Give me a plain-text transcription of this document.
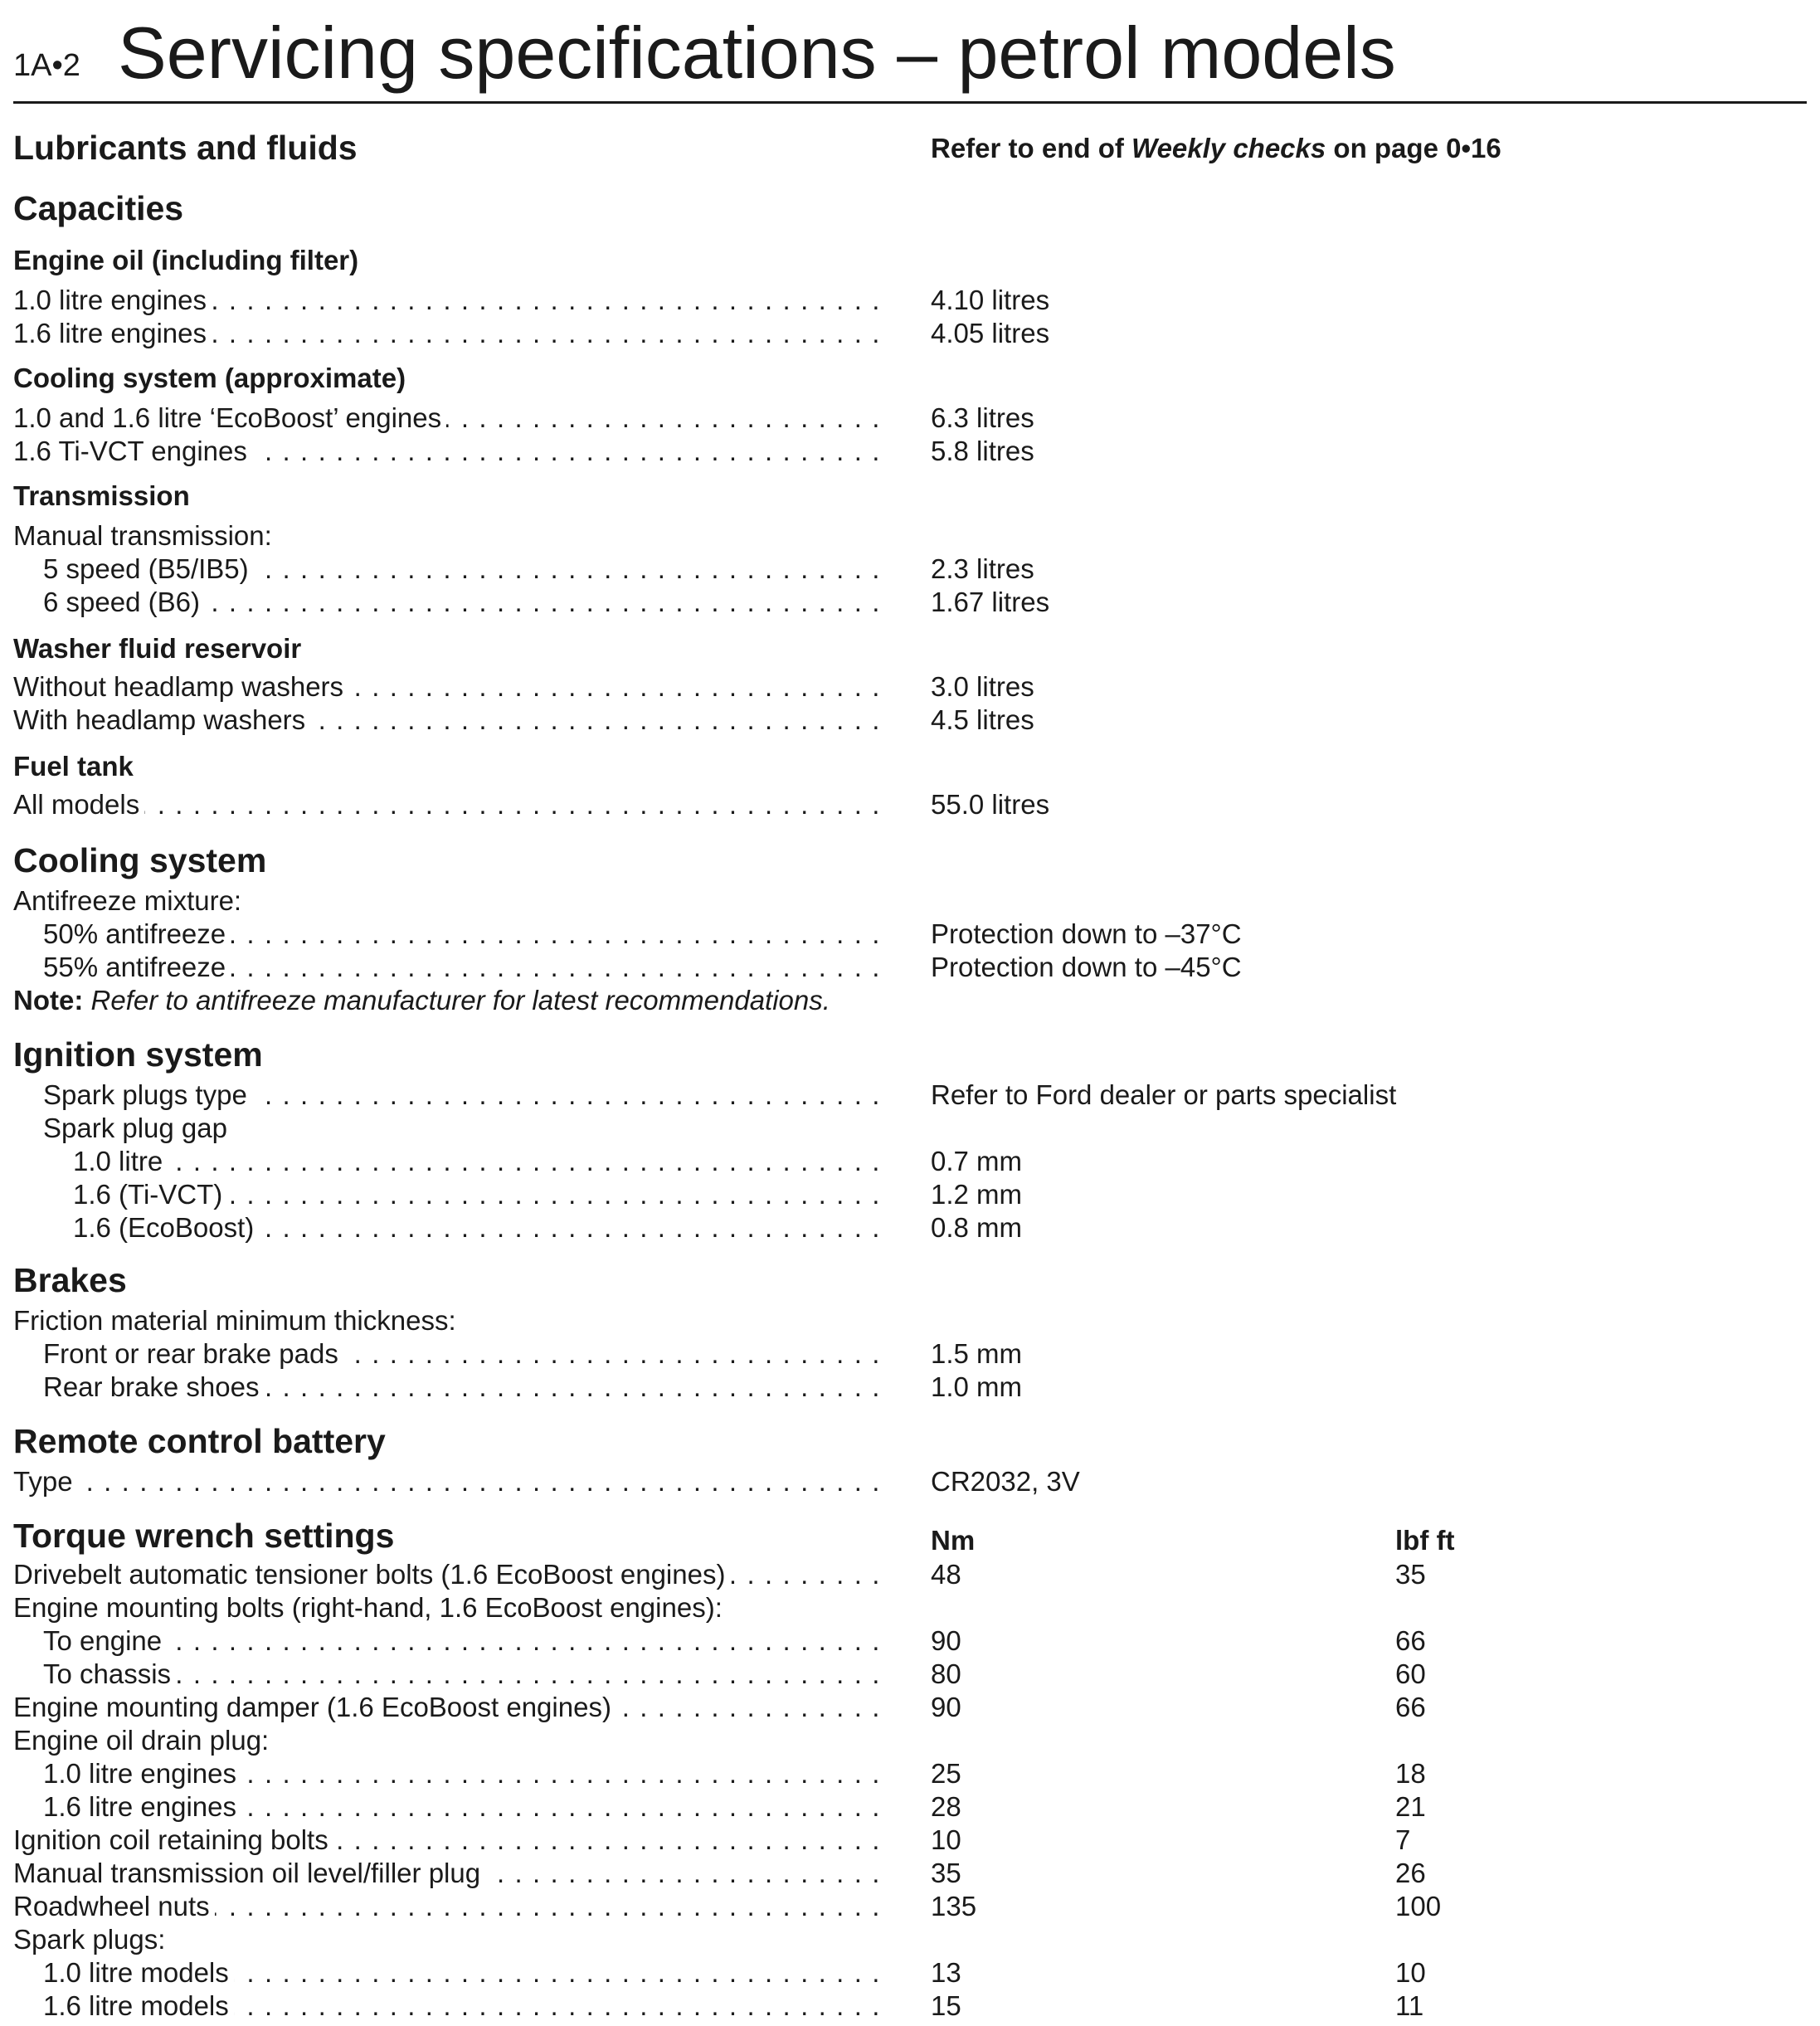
1A•2 Servicing specifications – petrol models
Lubricants and fluids	Refer to end of Weekly checks on page 0•16
Capacities
Engine oil (including filter)
1.0 litre engines . . .	4.10 litres
1.6 litre engines . . .	4.05 litres
Cooling system (approximate)
1.0 and 1.6 litre ‘EcoBoost’ engines . . .	6.3 litres
1.6 Ti-VCT engines . . .	5.8 litres
Transmission
Manual transmission:
5 speed (B5/IB5) . . .	2.3 litres
6 speed (B6) . . .	1.67 litres
Washer fluid reservoir
Without headlamp washers . . .	3.0 litres
With headlamp washers . . .	4.5 litres
Fuel tank
All models . . .	55.0 litres
Cooling system
Antifreeze mixture:
50% antifreeze . . .	Protection down to –37°C
55% antifreeze . . .	Protection down to –45°C
Note: Refer to antifreeze manufacturer for latest recommendations.
Ignition system
Spark plugs type . . .	Refer to Ford dealer or parts specialist
Spark plug gap
1.0 litre . . .	0.7 mm
1.6 (Ti-VCT) . . .	1.2 mm
1.6 (EcoBoost) . . .	0.8 mm
Brakes
Friction material minimum thickness:
Front or rear brake pads . . .	1.5 mm
Rear brake shoes . . .	1.0 mm
Remote control battery
Type . . .	CR2032, 3V
Torque wrench settings	Nm	lbf ft
Drivebelt automatic tensioner bolts (1.6 EcoBoost engines) . . .	48	35
Engine mounting bolts (right-hand, 1.6 EcoBoost engines):
To engine . . .	90	66
To chassis . . .	80	60
Engine mounting damper (1.6 EcoBoost engines) . . .	90	66
Engine oil drain plug:
1.0 litre engines . . .	25	18
1.6 litre engines . . .	28	21
Ignition coil retaining bolts . . .	10	7
Manual transmission oil level/filler plug . . .	35	26
Roadwheel nuts . . .	135	100
Spark plugs:
1.0 litre models . . .	13	10
1.6 litre models . . .	15	11
